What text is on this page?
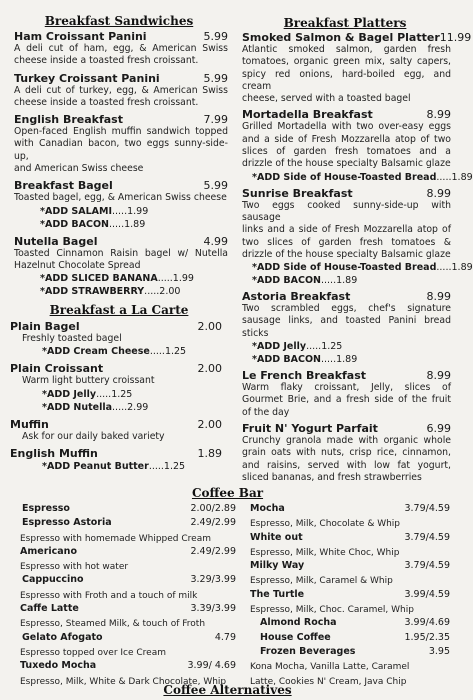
Breakfast Sandwiches
Ham Croissant Panini	5.99
A deli cut of ham, egg, & American Swiss
cheese inside a toasted fresh croissant.
Turkey Croissant Panini	5.99
A deli cut of turkey, egg, & American Swiss
cheese inside a toasted fresh croissant.
English Breakfast	7.99
Open-faced English muffin sandwich topped
with Canadian bacon, two eggs sunny-side-up,
and American Swiss cheese
Breakfast Bagel	5.99
Toasted bagel, egg, & American Swiss cheese
*ADD SALAMI.....1.99
*ADD BACON.....1.89
Nutella Bagel	4.99
Toasted Cinnamon Raisin bagel w/ Nutella
Hazelnut Chocolate Spread
*ADD SLICED BANANA.....1.99
*ADD STRAWBERRY.....2.00
Breakfast a La Carte
Plain Bagel	2.00
Freshly toasted bagel
*ADD Cream Cheese.....1.25
Plain Croissant	2.00
Warm light buttery croissant
*ADD Jelly.....1.25
*ADD Nutella.....2.99
Muffin	2.00
Ask for our daily baked variety
English Muffin	1.89
*ADD Peanut Butter.....1.25
Breakfast Platters
Smoked Salmon & Bagel Platter 11.99
Atlantic smoked salmon, garden fresh
tomatoes, organic green mix, salty capers,
spicy red onions, hard-boiled egg, and cream
cheese, served with a toasted bagel
Mortadella Breakfast	8.99
Grilled Mortadella with two over-easy eggs
and a side of Fresh Mozzarella atop of two
slices of garden fresh tomatoes and a
drizzle of the house specialty Balsamic glaze
*ADD Side of House-Toasted Bread.....1.89
Sunrise Breakfast	8.99
Two eggs cooked sunny-side-up with sausage
links and a side of Fresh Mozzarella atop of
two slices of garden fresh tomatoes &
drizzle of the house specialty Balsamic glaze
*ADD Side of House-Toasted Bread.....1.89
*ADD BACON.....1.89
Astoria Breakfast	8.99
Two scrambled eggs, chef's signature
sausage links, and toasted Panini bread sticks
*ADD Jelly.....1.25
*ADD BACON.....1.89
Le French Breakfast	8.99
Warm flaky croissant, Jelly, slices of
Gourmet Brie, and a fresh side of the fruit
of the day
Fruit N' Yogurt Parfait	6.99
Crunchy granola made with organic whole
grain oats with nuts, crisp rice, cinnamon,
and raisins, served with low fat yogurt,
sliced bananas, and fresh strawberries
Coffee Bar
Espresso	2.00/2.89
Espresso Astoria	2.49/2.99
Espresso with homemade Whipped Cream
Americano	2.49/2.99
Espresso with hot water
Cappuccino	3.29/3.99
Espresso with Froth and a touch of milk
Caffe Latte	3.39/3.99
Espresso, Steamed Milk, & touch of Froth
Gelato Afogato	4.79
Espresso topped over Ice Cream
Tuxedo Mocha	3.99/ 4.69
Espresso, Milk, White & Dark Chocolate, Whip
Mocha	3.79/4.59
Espresso, Milk, Chocolate & Whip
White out	3.79/4.59
Espresso, Milk, White Choc, Whip
Milky Way	3.79/4.59
Espresso, Milk, Caramel & Whip
The Turtle	3.99/4.59
Espresso, Milk, Choc. Caramel, Whip
Almond Rocha	3.99/4.69
House Coffee	1.95/2.35
Frozen Beverages	3.95
Kona Mocha, Vanilla Latte, Caramel
Latte, Cookies N' Cream, Java Chip
Coffee Alternatives
